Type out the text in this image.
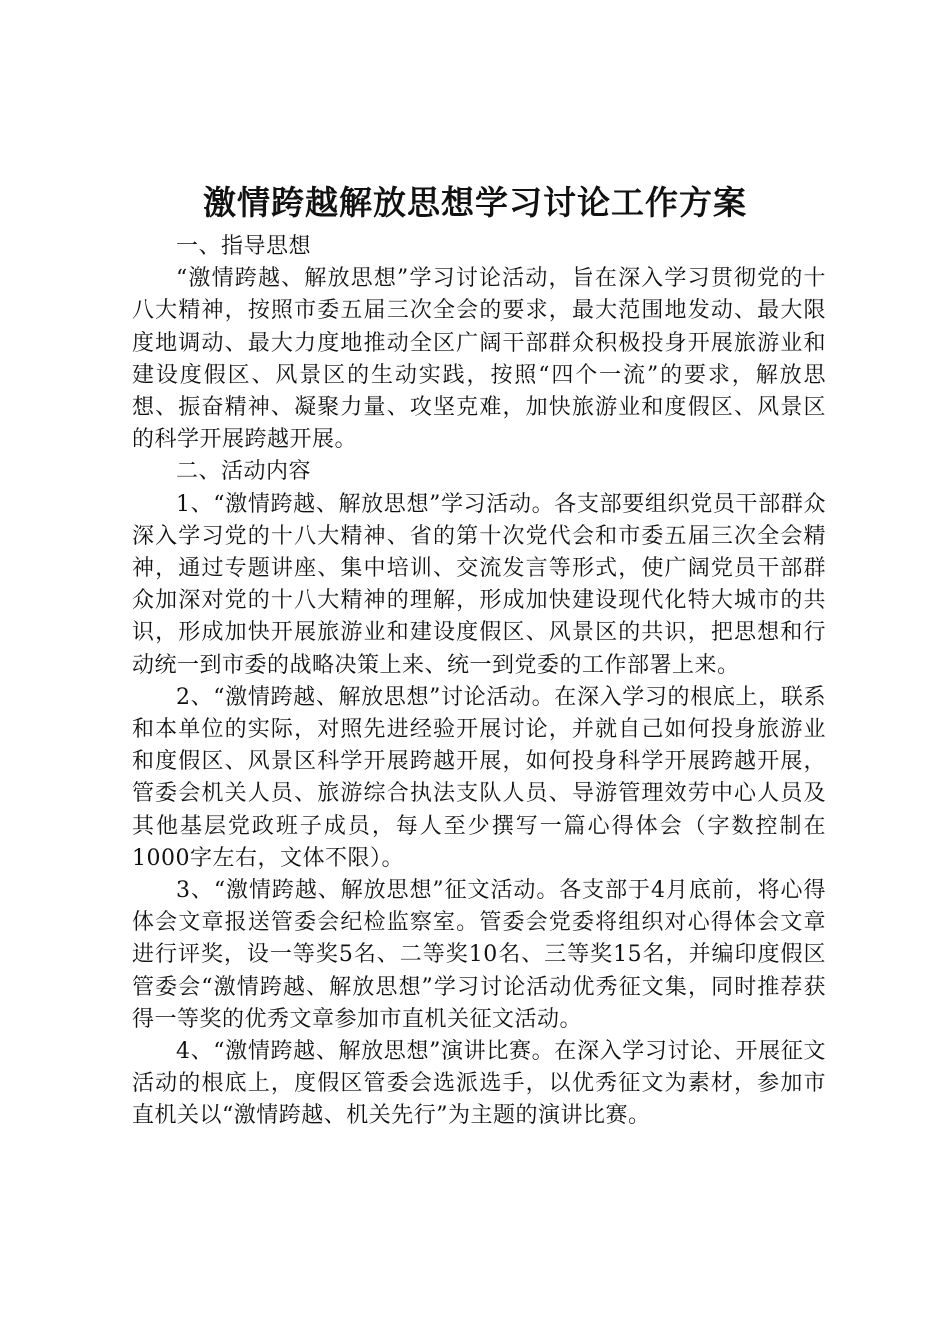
激情跨越解放思想学习讨论工作方案

一、指导思想

“激情跨越、解放思想”学习讨论活动，旨在深入学习贯彻党的十八大精神，按照市委五届三次全会的要求，最大范围地发动、最大限度地调动、最大力度地推动全区广阔干部群众积极投身开展旅游业和建设度假区、风景区的生动实践，按照“四个一流”的要求，解放思想、振奋精神、凝聚力量、攻坚克难，加快旅游业和度假区、风景区的科学开展跨越开展。

二、活动内容

1、“激情跨越、解放思想”学习活动。各支部要组织党员干部群众深入学习党的十八大精神、省的第十次党代会和市委五届三次全会精神，通过专题讲座、集中培训、交流发言等形式，使广阔党员干部群众加深对党的十八大精神的理解，形成加快建设现代化特大城市的共识，形成加快开展旅游业和建设度假区、风景区的共识，把思想和行动统一到市委的战略决策上来、统一到党委的工作部署上来。

2、“激情跨越、解放思想”讨论活动。在深入学习的根底上，联系和本单位的实际，对照先进经验开展讨论，并就自己如何投身旅游业和度假区、风景区科学开展跨越开展，如何投身科学开展跨越开展，管委会机关人员、旅游综合执法支队人员、导游管理效劳中心人员及其他基层党政班子成员，每人至少撰写一篇心得体会（字数控制在1000字左右，文体不限）。

3、“激情跨越、解放思想”征文活动。各支部于4月底前，将心得体会文章报送管委会纪检监察室。管委会党委将组织对心得体会文章进行评奖，设一等奖5名、二等奖10名、三等奖15名，并编印度假区管委会“激情跨越、解放思想”学习讨论活动优秀征文集，同时推荐获得一等奖的优秀文章参加市直机关征文活动。

4、“激情跨越、解放思想”演讲比赛。在深入学习讨论、开展征文活动的根底上，度假区管委会选派选手，以优秀征文为素材，参加市直机关以“激情跨越、机关先行”为主题的演讲比赛。
